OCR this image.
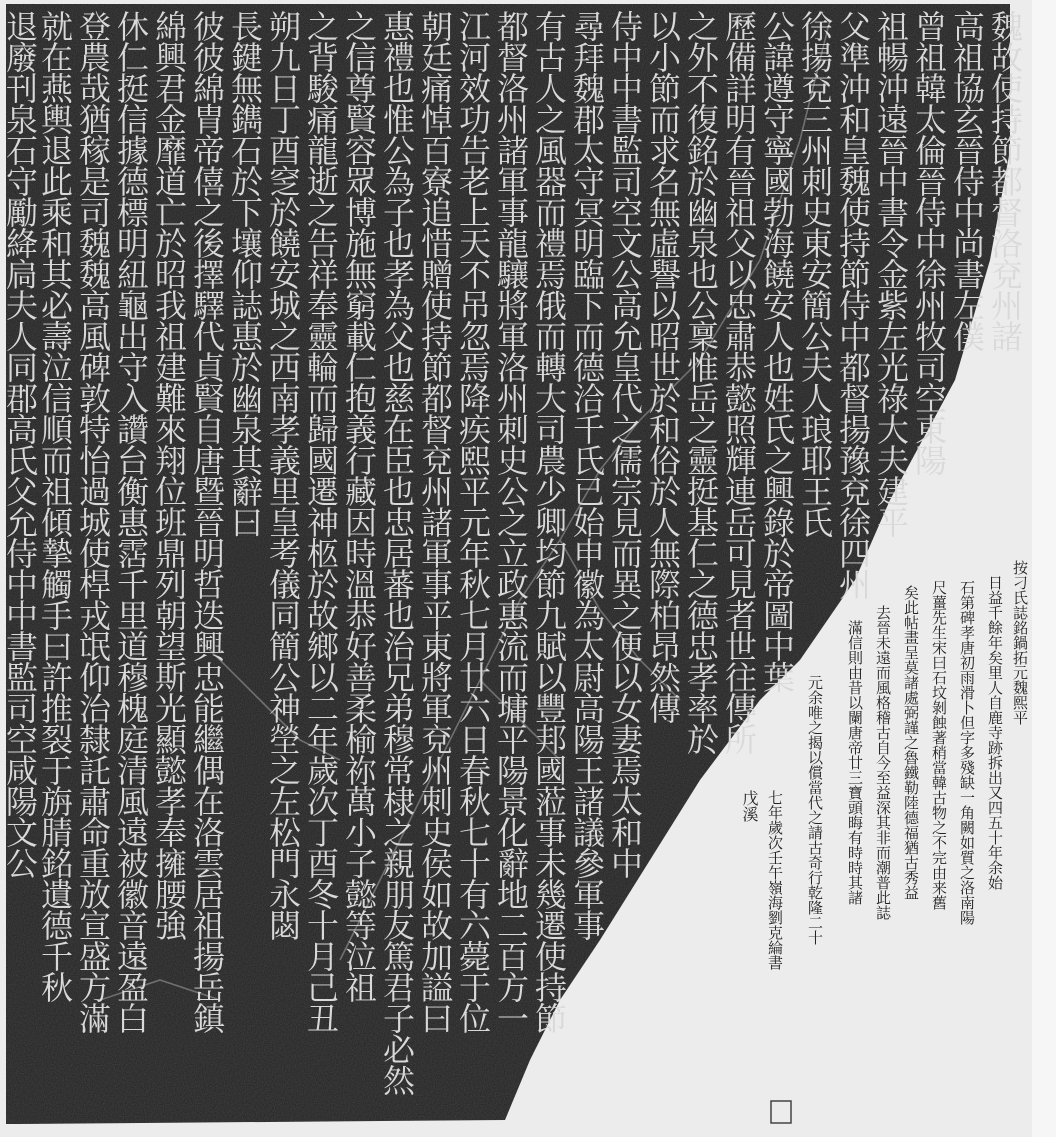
魏故使持節都督洛兗州諸

高祖協玄晉侍中尚書左僕

曾祖韓太倫晉侍中徐州牧司空東陽

祖暢沖遠晉中書令金紫左光祿大夫建平

父準沖和皇魏使持節侍中都督揚豫兗徐四州

徐揚兗三州刺史東安簡公夫人琅耶王氏

公諱遵守寧國勃海饒安人也姓氏之興錄於帝圖中葉

歷備詳明有晉祖父以忠肅恭懿照輝連岳可見者世往傳所

之外不復銘於幽泉也公稟惟岳之靈挺基仁之德忠孝率於

以小節而求名無虛譽以昭世於和俗於人無際柏昂然傳

侍中中書監司空文公高允皇代之儒宗見而異之便以女妻焉太和中

尋拜魏郡太守冥明臨下而德洽千氏已始申徽為太尉高陽王諸議參軍事

有古人之風器而禮焉俄而轉大司農少卿均節九賦以豐邦國蒞事未幾遷使持節

都督洛州諸軍事龍驤將軍洛州刺史公之立政惠流而墉平陽景化辭地二百方一

江河效功告老上天不吊忽焉降疾熙平元年秋七月廿六日春秋七十有六薨于位

朝廷痛悼百寮追惜贈使持節都督兗州諸軍事平東將軍兗州刺史侯如故加謚曰

惠禮也惟公為子也孝為父也慈在臣也忠居蕃也治兄弟穆常棣之親朋友篤君子必然

之信尊賢容眾博施無窮載仁抱義行藏因時溫恭好善柔榆祢萬小子懿等泣祖

之背駿痛龍逝之告祥奉靈輪而歸國遷神柩於故鄉以二年歲次丁酉冬十月己丑

朔九日丁酉窆於饒安城之西南孝義里皇考儀同簡公神塋之左松門永閟

長鍵無鐫石於下壤仰誌惠於幽泉其辭曰

彼彼綿胄帝僖之後擇驛代貞賢自唐暨晉明哲迭興忠能繼偶在洛雲居祖揚岳鎮

綿興君金靡道亡於昭我祖建難來翔位班鼎列朝望斯光顯懿孝奉擁腰強

休仁挺信據德標明紐龜出守入讚台衡惠霑千里道穆槐庭清風遠被徽音遠盈白

登農哉猶稼是司魏魏高風碑敦特怡過城使桿戎氓仰治隸託肅命重放宣盛方滿

就在燕輿退此乘和其必壽泣信順而祖傾摯觸手曰許推裂于旃腈銘遺德千秋

退廢刊泉石守勵絳扃夫人同郡高氏父允侍中中書監司空咸陽文公	按刁氏誌銘鍋拓元魏熙平

日益千餘年矣里人自鹿寺跡拆出又四五十年余始

石第碑孝唐初雨滑卜但字多殘缺一角闕如質之洛南陽

尺薑先生宋曰石坟剝蝕著稍當韓古物之不完由来舊

矣此帖畫呈莫諸處弼謹之魯鐵勒陸德福猶古秀益

去晉未遠而風格稽古自今至益深其非而潮普此誌

滿信則由昔以闌唐帝廿三寶頭晦有時時其諸

元余唯之揭以償當代之請古奇行乾隆二十

七年歲次壬午嶺海劉克綸書

戊溪
